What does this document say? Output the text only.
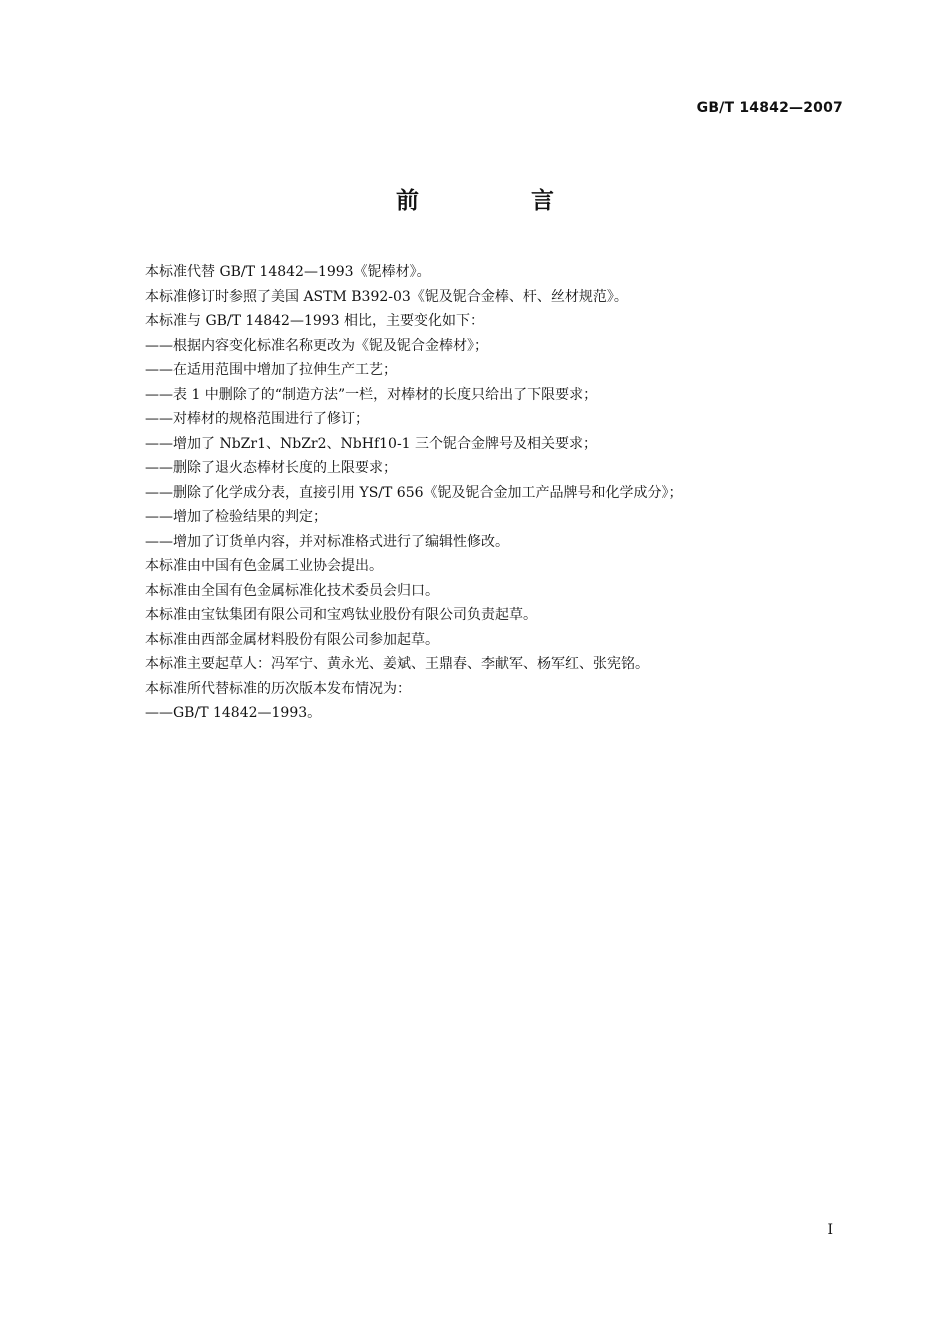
GB/T 14842—2007
前 言
本标准代替 GB/T 14842—1993《铌棒材》。
本标准修订时参照了美国 ASTM B392-03《铌及铌合金棒、杆、丝材规范》。
本标准与 GB/T 14842—1993 相比，主要变化如下：
——根据内容变化标准名称更改为《铌及铌合金棒材》；
——在适用范围中增加了拉伸生产工艺；
——表 1 中删除了的“制造方法”一栏，对棒材的长度只给出了下限要求；
——对棒材的规格范围进行了修订；
——增加了 NbZr1、NbZr2、NbHf10-1 三个铌合金牌号及相关要求；
——删除了退火态棒材长度的上限要求；
——删除了化学成分表，直接引用 YS/T 656《铌及铌合金加工产品牌号和化学成分》；
——增加了检验结果的判定；
——增加了订货单内容，并对标准格式进行了编辑性修改。
本标准由中国有色金属工业协会提出。
本标准由全国有色金属标准化技术委员会归口。
本标准由宝钛集团有限公司和宝鸡钛业股份有限公司负责起草。
本标准由西部金属材料股份有限公司参加起草。
本标准主要起草人：冯军宁、黄永光、姜斌、王鼎春、李献军、杨军红、张宪铭。
本标准所代替标准的历次版本发布情况为：
——GB/T 14842—1993。
I
